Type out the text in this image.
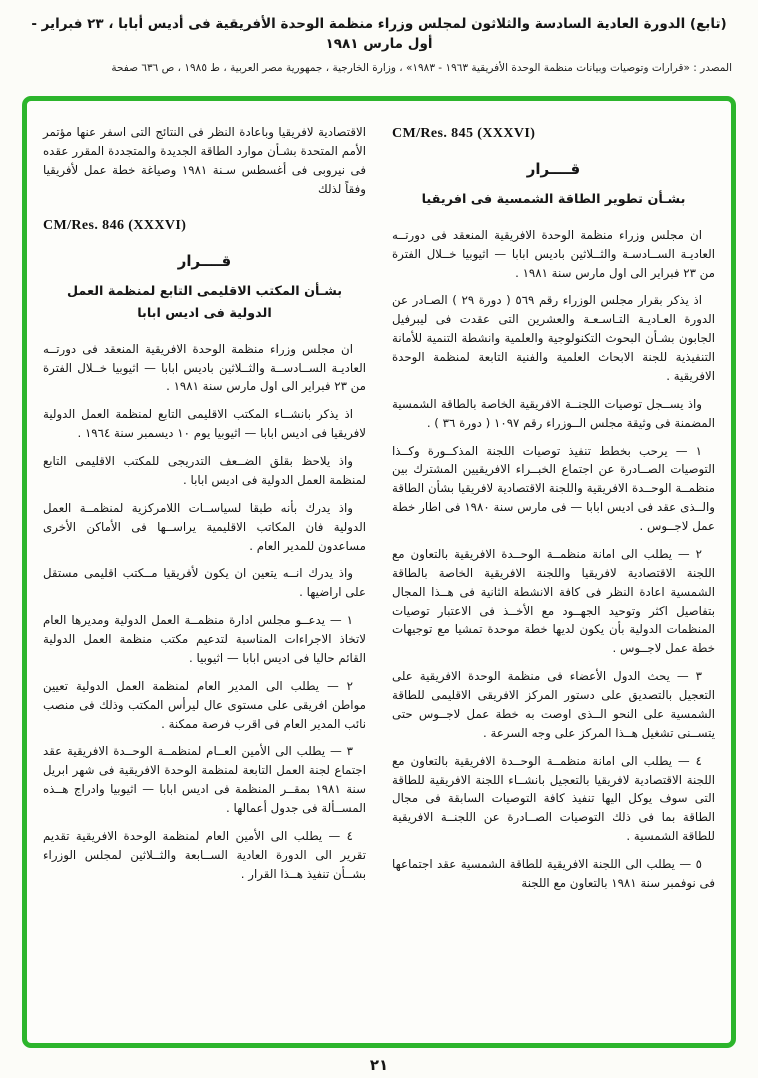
(تابع) الدورة العادية السادسة والثلاثون لمجلس وزراء منظمة الوحدة الأفريقية فى أديس أبابا ، ٢٣ فبراير - أول مارس ١٩٨١
المصدر : «قرارات وتوصيات وبيانات منظمة الوحدة الأفريقية ١٩٦٣ - ١٩٨٣» ، وزارة الخارجية ، جمهورية مصر العربية ، ط ١٩٨٥ ، ص ٦٣٦ صفحة
CM/Res. 845 (XXXVI)
قــــرار
بشـأن تطوير الطاقة الشمسية فى افريقيا

ان مجلس وزراء منظمة الوحدة الافريقية المنعقد فى دورتــه العاديـة الســادسـة والثــلاثين باديس ابابا — اثيوبيا خــلال الفترة من ٢٣ فبراير الى اول مارس سنة ١٩٨١ .

اذ يذكر بقرار مجلس الوزراء رقم ٥٦٩ ( دورة ٢٩ ) الصـادر عن الدورة العـاديـة التـاسـعـة والعشرين التى عقدت فى ليبرفيل الجابون بشـأن البحوث التكنولوجية والعلمية وانشطة التنمية للأمانة التنفيذية للجنة الابحاث العلمية والفنية التابعة لمنظمة الوحدة الافريقية .

واذ يســجل توصيات اللجنــة الافريقية الخاصة بالطاقة الشمسية المضمنة فى وثيقة مجلس الــوزراء رقم ١٠٩٧ ( دورة ٣٦ ) .

١ — يرحب بخطط تنفيذ توصيات اللجنة المذكــورة وكــذا التوصيات الصــادرة عن اجتماع الخبــراء الافريقيين المشترك بين منظمــة الوحــدة الافريقية واللجنة الاقتصادية لافريقيا بشأن الطاقة والــذى عقد فى اديس ابابا — فى مارس سنة ١٩٨٠ فى اطار خطة عمل لاجــوس .

٢ — يطلب الى امانة منظمــة الوحــدة الافريقية بالتعاون مع اللجنة الاقتصادية لافريقيا واللجنة الافريقية الخاصة بالطاقة الشمسية اعادة النظر فى كافة الانشطة الثانية فى هــذا المجال بتفاصيل اكثر وتوحيد الجهــود مع الأخــذ فى الاعتبار توصيات المنظمات الدولية بأن يكون لديها خطة موحدة تمشيا مع توجيهات خطة عمل لاجــوس .

٣ — يحث الدول الأعضاء فى منظمة الوحدة الافريقية على التعجيل بالتصديق على دستور المركز الافريقى الاقليمى للطاقة الشمسية على النحو الــذى اوصت به خطة عمل لاجــوس حتى يتســنى تشغيل هــذا المركز على وجه السرعة .

٤ — يطلب الى امانة منظمــة الوحــدة الافريقية بالتعاون مع اللجنة الاقتصادية لافريقيا بالتعجيل بانشــاء اللجنة الافريقية للطاقة التى سوف يوكل اليها تنفيذ كافة التوصيات السابقة فى مجال الطاقة بما فى ذلك التوصيات الصــادرة عن اللجنــة الافريقية للطاقة الشمسية .

٥ — يطلب الى اللجنة الافريقية للطاقة الشمسية عقد اجتماعها فى نوفمبر سنة ١٩٨١ بالتعاون مع اللجنة

الاقتصادية لافريقيا وباعادة النظر فى النتائج التى اسفر عنها مؤتمر الأمم المتحدة بشـأن موارد الطاقة الجديدة والمتجددة المقرر عقده فى نيروبى فى أغسطس سـنة ١٩٨١ وصياغة خطة عمل لأفريقيا وفقاً لذلك

CM/Res. 846 (XXXVI)
قــــرار
بشـأن المكتب الاقليمى التابع لمنظمة العمل الدولية فى اديس ابابا

ان مجلس وزراء منظمة الوحدة الافريقية المنعقد فى دورتــه العاديـة الســادســة والثــلاثين باديس ابابا — اثيوبيا خــلال الفترة من ٢٣ فبراير الى اول مارس سنة ١٩٨١ .

اذ يذكر بانشــاء المكتب الاقليمى التابع لمنظمة العمل الدولية لافريقيا فى اديس ابابا — اثيوبيا يوم ١٠ ديسمبر سنة ١٩٦٤ .

واذ يلاحظ بقلق الضــعف التدريجى للمكتب الاقليمى التابع لمنظمة العمل الدولية فى اديس ابابا .

واذ يدرك بأنه طبقا لسياســات اللامركزية لمنظمــة العمل الدولية فان المكاتب الاقليمية يراســها فى الأماكن الأخرى مساعدون للمدير العام .

واذ يدرك انــه يتعين ان يكون لأفريقيا مــكتب اقليمى مستقل على اراضيها .

١ — يدعــو مجلس ادارة منظمــة العمل الدولية ومديرها العام لاتخاذ الاجراءات المناسبة لتدعيم مكتب منظمة العمل الدولية القائم حاليا فى اديس ابابا — اثيوبيا .

٢ — يطلب الى المدير العام لمنظمة العمل الدولية تعيين مواطن افريقى على مستوى عال ليرأس المكتب وذلك فى منصب نائب المدير العام فى اقرب فرصة ممكنة .

٣ — يطلب الى الأمين العــام لمنظمــة الوحــدة الافريقية عقد اجتماع لجنة العمل التابعة لمنظمة الوحدة الافريقية فى شهر ابريل سنة ١٩٨١ بمقــر المنظمة فى اديس ابابا — اثيوبيا وادراج هــذه المســألة فى جدول أعمالها .

٤ — يطلب الى الأمين العام لمنظمة الوحدة الافريقية تقديم تقرير الى الدورة العادية الســابعة والثــلاثين لمجلس الوزراء بشــأن تنفيذ هــذا القرار .

٢١
